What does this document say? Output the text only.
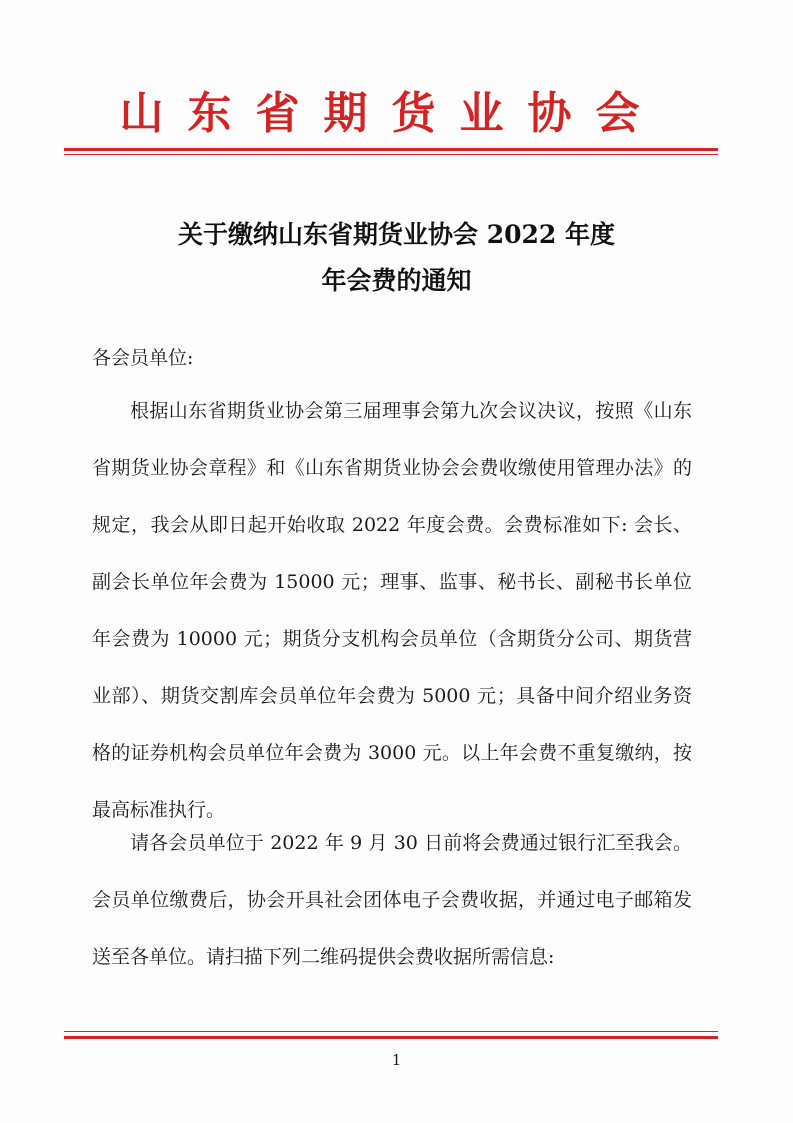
山东省期货业协会
关于缴纳山东省期货业协会 2022 年度
年会费的通知
各会员单位:
根据山东省期货业协会第三届理事会第九次会议决议，按照《山东省期货业协会章程》和《山东省期货业协会会费收缴使用管理办法》的规定，我会从即日起开始收取 2022 年度会费。会费标准如下: 会长、副会长单位年会费为 15000 元；理事、监事、秘书长、副秘书长单位年会费为 10000 元；期货分支机构会员单位（含期货分公司、期货营业部）、期货交割库会员单位年会费为 5000 元；具备中间介绍业务资格的证券机构会员单位年会费为 3000 元。以上年会费不重复缴纳，按最高标准执行。
请各会员单位于 2022 年 9 月 30 日前将会费通过银行汇至我会。会员单位缴费后，协会开具社会团体电子会费收据，并通过电子邮箱发送至各单位。请扫描下列二维码提供会费收据所需信息:
1
